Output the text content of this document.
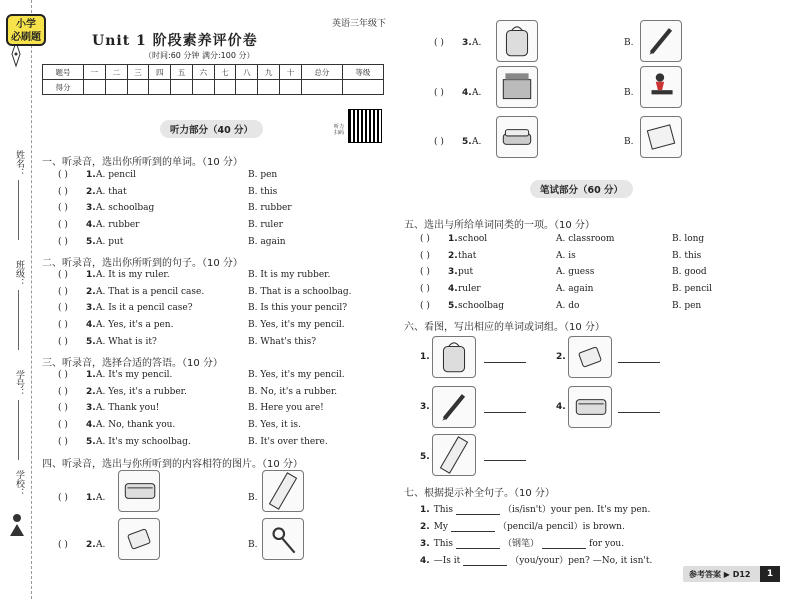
姓名：
班级：
学号：
学校：
小学
必刷题
英语三年级下
Unit 1 阶段素养评价卷
（时间:60 分钟 满分:100 分）
题号	一	二	三	四	五	六	七	八	九	十	总分	等级
得分												
听力部分（40 分）	听力扫码
一、听录音，选出你所听到的单词。（10 分）
二、听录音，选出你所听到的句子。（10 分）
三、听录音，选择合适的答语。（10 分）
四、听录音，选出与你所听到的内容相符的图片。（10 分）
笔试部分（60 分）
五、选出与所给单词同类的一项。（10 分）
六、看图，写出相应的单词或词组。（10 分）
七、根据提示补全句子。（10 分）
参考答案 ▶ D12	1
( ) 1. A. pencil	B. pen
( ) 2. A. that	B. this
( ) 3. A. schoolbag	B. rubber
( ) 4. A. rubber	B. ruler
( ) 5. A. put	B. again
( ) 1. A. It is my ruler.	B. It is my rubber.
( ) 2. A. That is a pencil case.	B. That is a schoolbag.
( ) 3. A. Is it a pencil case?	B. Is this your pencil?
( ) 4. A. Yes, it's a pen.	B. Yes, it's my pencil.
( ) 5. A. What is it?	B. What's this?
( ) 1. A. It's my pencil.	B. Yes, it's my pencil.
( ) 2. A. Yes, it's a rubber.	B. No, it's a rubber.
( ) 3. A. Thank you!	B. Here you are!
( ) 4. A. No, thank you.	B. Yes, it is.
( ) 5. A. It's my schoolbag.	B. It's over there.
( ) 1. A.	B.
( ) 2. A.	B.
( ) 3. A.	B.
( ) 4. A.	B.
( ) 5. A.	B.
( ) 1. school	A. classroom	B. long
( ) 2. that	A. is	B. this
( ) 3. put	A. guess	B. good
( ) 4. ruler	A. again	B. pencil
( ) 5. schoolbag	A. do	B. pen
1.	2.
3.	4.
5.
1. This	（is/isn't）your pen. It's my pen.
2. My	（pencil/a pencil）is brown.
3. This	（钢笔）	for you.
4. —Is it	（you/your）pen? —No, it isn't.
